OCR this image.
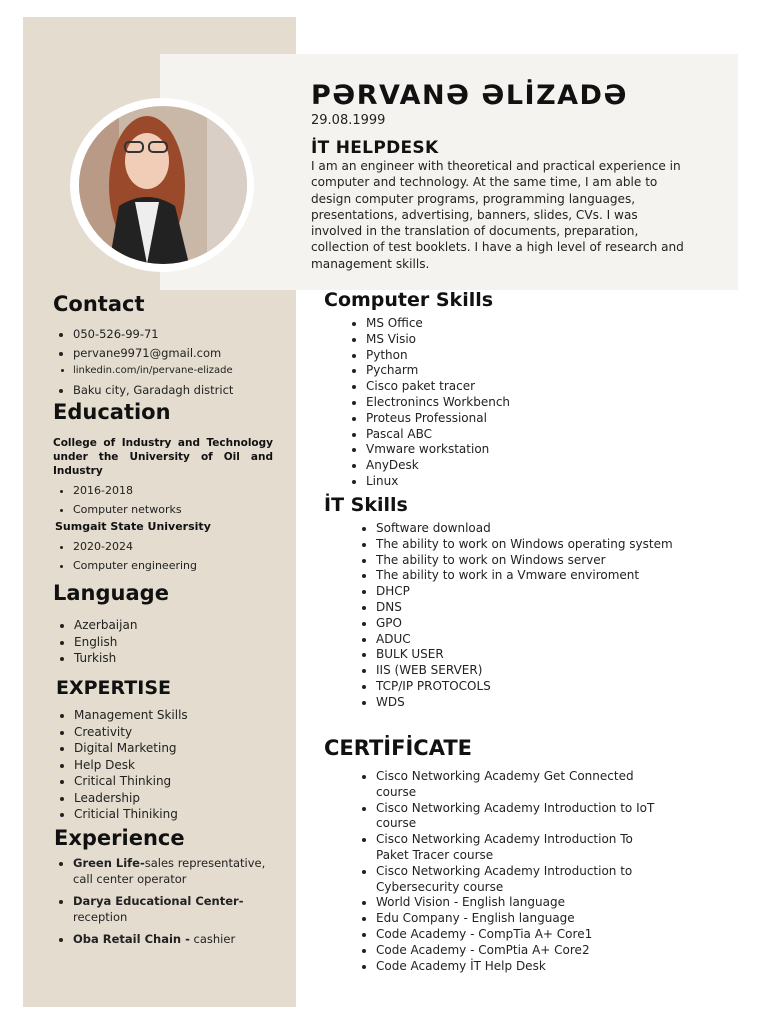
PƏRVANƏ ƏLİZADƏ
29.08.1999
İT HELPDESK

I am an engineer with theoretical and practical experience in computer and technology. At the same time, I am able to design computer programs, programming languages, presentations, advertising, banners, slides, CVs. I was involved in the translation of documents, preparation, collection of test booklets. I have a high level of research and management skills.

Contact
• 050-526-99-71
• pervane9971@gmail.com
• linkedin.com/in/pervane-elizade
• Baku city, Garadagh district
Education
College of Industry and Technology under the University of Oil and Industry
• 2016-2018
• Computer networks
Sumgait State University
• 2020-2024
• Computer engineering
Language
• Azerbaijan
• English
• Turkish
EXPERTISE
• Management Skills
• Creativity
• Digital Marketing
• Help Desk
• Critical Thinking
• Leadership
• Criticial Thiniking
Experience
• Green Life-sales representative, call center operator
• Darya Educational Center-
reception
• Oba Retail Chain - cashier
Computer Skills
• MS Office
• MS Visio
• Python
• Pycharm
• Cisco paket tracer
• Electronincs Workbench
• Proteus Professional
• Pascal ABC
• Vmware workstation
• AnyDesk
• Linux
İT Skills
• Software download
• The ability to work on Windows operating system
• The ability to work on Windows server
• The ability to work in a Vmware enviroment
• DHCP
• DNS
• GPO
• ADUC
• BULK USER
• IIS (WEB SERVER)
• TCP/IP PROTOCOLS
• WDS
CERTİFİCATE
• Cisco Networking Academy Get Connected course
• Cisco Networking Academy Introduction to IoT course
• Cisco Networking Academy Introduction To Paket Tracer course
• Cisco Networking Academy Introduction to Cybersecurity course
• World Vision - English language
• Edu Company - English language
• Code Academy - CompTia A+ Core1
• Code Academy - ComPtia A+ Core2
• Code Academy İT Help Desk
